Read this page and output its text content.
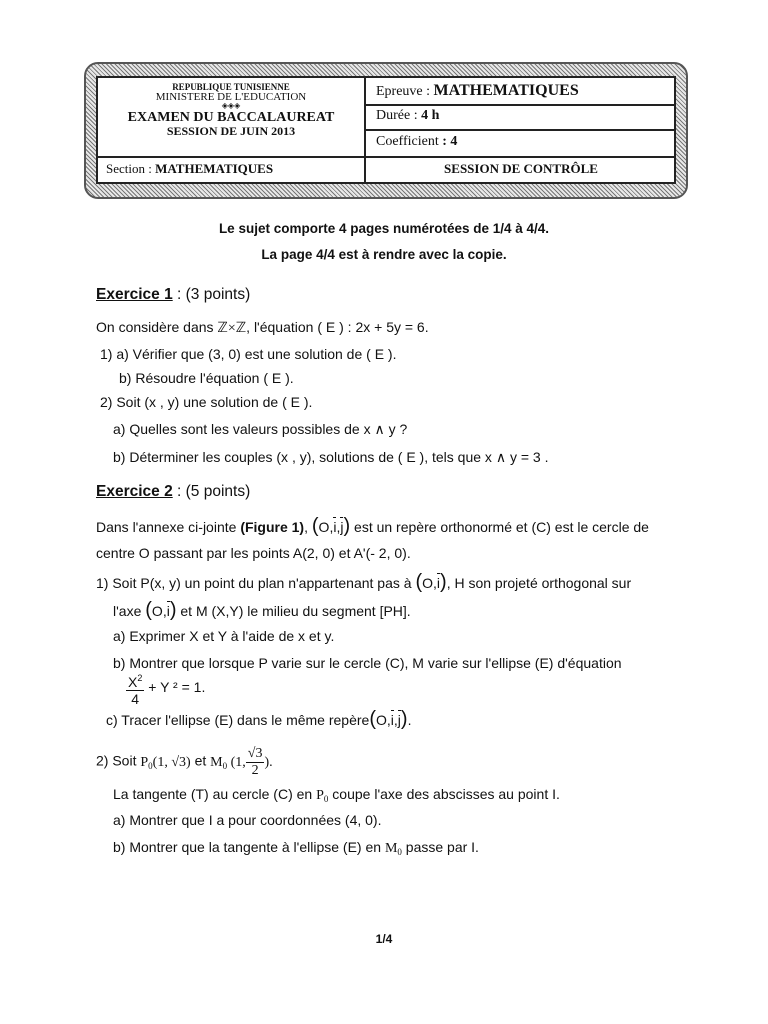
REPUBLIQUE TUNISIENNE
MINISTERE DE L'EDUCATION
◈◈◈
EXAMEN DU BACCALAUREAT
SESSION DE JUIN 2013
Epreuve : MATHEMATIQUES
Durée : 4 h
Coefficient : 4
Section : MATHEMATIQUES	SESSION DE CONTRÔLE
Le sujet comporte 4 pages numérotées de 1/4 à 4/4.
La page 4/4 est à rendre avec la copie.
Exercice 1 : (3 points)
On considère dans ℤ×ℤ, l'équation ( E ) : 2x + 5y = 6.
1) a) Vérifier que (3, 0) est une solution de ( E ).
b) Résoudre l'équation ( E ).
2) Soit (x , y) une solution de ( E ).
a) Quelles sont les valeurs possibles de x ∧ y ?
b) Déterminer les couples (x , y), solutions de ( E ), tels que x ∧ y = 3 .
Exercice 2 : (5 points)
Dans l'annexe ci-jointe (Figure 1), (O,i,j) est un repère orthonormé et (C) est le cercle de
centre O passant par les points A(2, 0) et A'(- 2, 0).
1) Soit P(x, y) un point du plan n'appartenant pas à (O,i), H son projeté orthogonal sur
l'axe (O,i) et M (X,Y) le milieu du segment [PH].
a) Exprimer X et Y à l'aide de x et y.
b) Montrer que lorsque P varie sur le cercle (C), M varie sur l'ellipse (E) d'équation
$\frac{X^2}{4} + Y$ ² = 1.
c) Tracer l'ellipse (E) dans le même repère(O,i,j).
2) Soit $P_0(1$, √3) et $M_0$ (1, $\frac{√3}{2}$ ).
La tangente (T) au cercle (C) en $P_0$ coupe l'axe des abscisses au point I.
a) Montrer que I a pour coordonnées (4, 0).
b) Montrer que la tangente à l'ellipse (E) en $M_0$ passe par I.
1/4
